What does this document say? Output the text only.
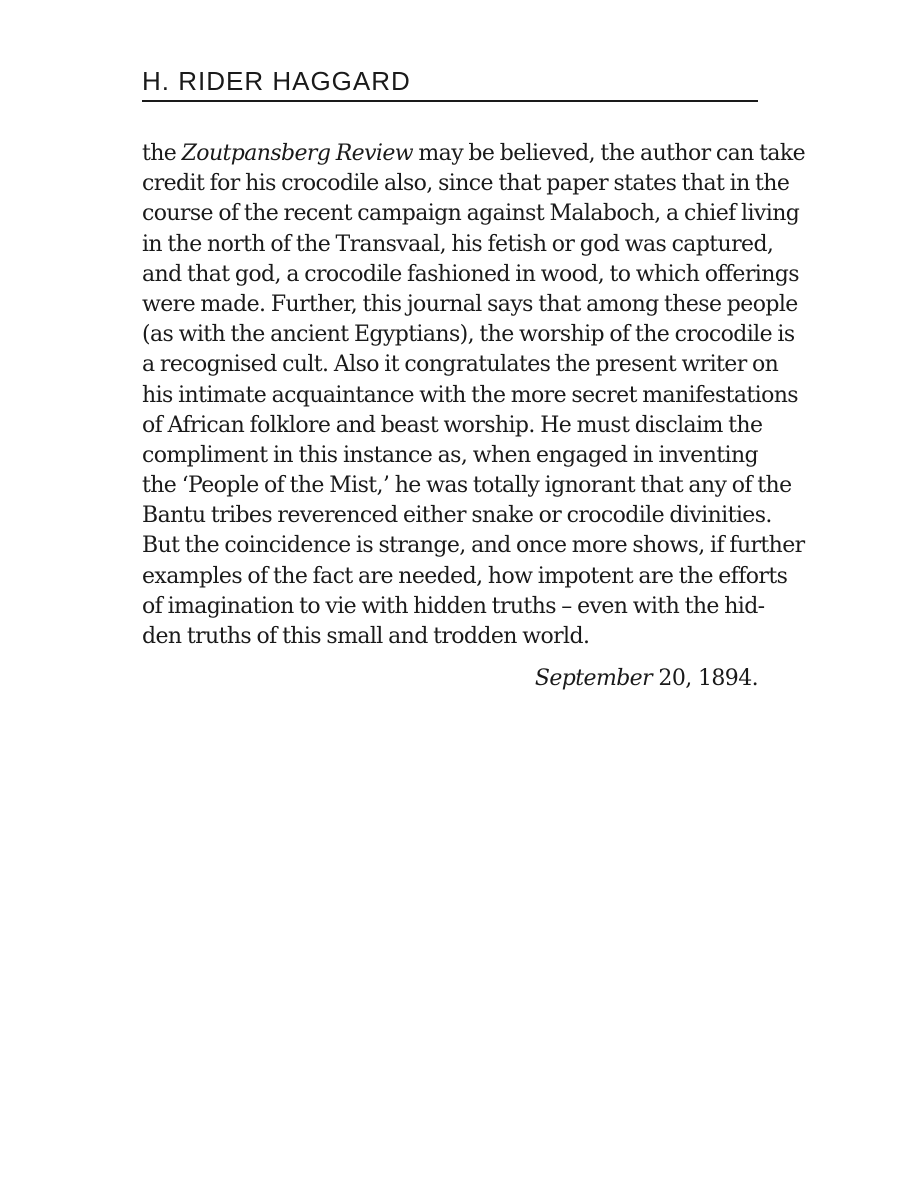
H. RIDER HAGGARD
the Zoutpansberg Review may be believed, the author can take
credit for his crocodile also, since that paper states that in the
course of the recent campaign against Malaboch, a chief living
in the north of the Transvaal, his fetish or god was captured,
and that god, a crocodile fashioned in wood, to which offerings
were made. Further, this journal says that among these people
(as with the ancient Egyptians), the worship of the crocodile is
a recognised cult. Also it congratulates the present writer on
his intimate acquaintance with the more secret manifestations
of African folklore and beast worship. He must disclaim the
compliment in this instance as, when engaged in inventing
the ‘People of the Mist,’ he was totally ignorant that any of the
Bantu tribes reverenced either snake or crocodile divinities.
But the coincidence is strange, and once more shows, if further
examples of the fact are needed, how impotent are the efforts
of imagination to vie with hidden truths – even with the hid-
den truths of this small and trodden world.
September 20, 1894.
